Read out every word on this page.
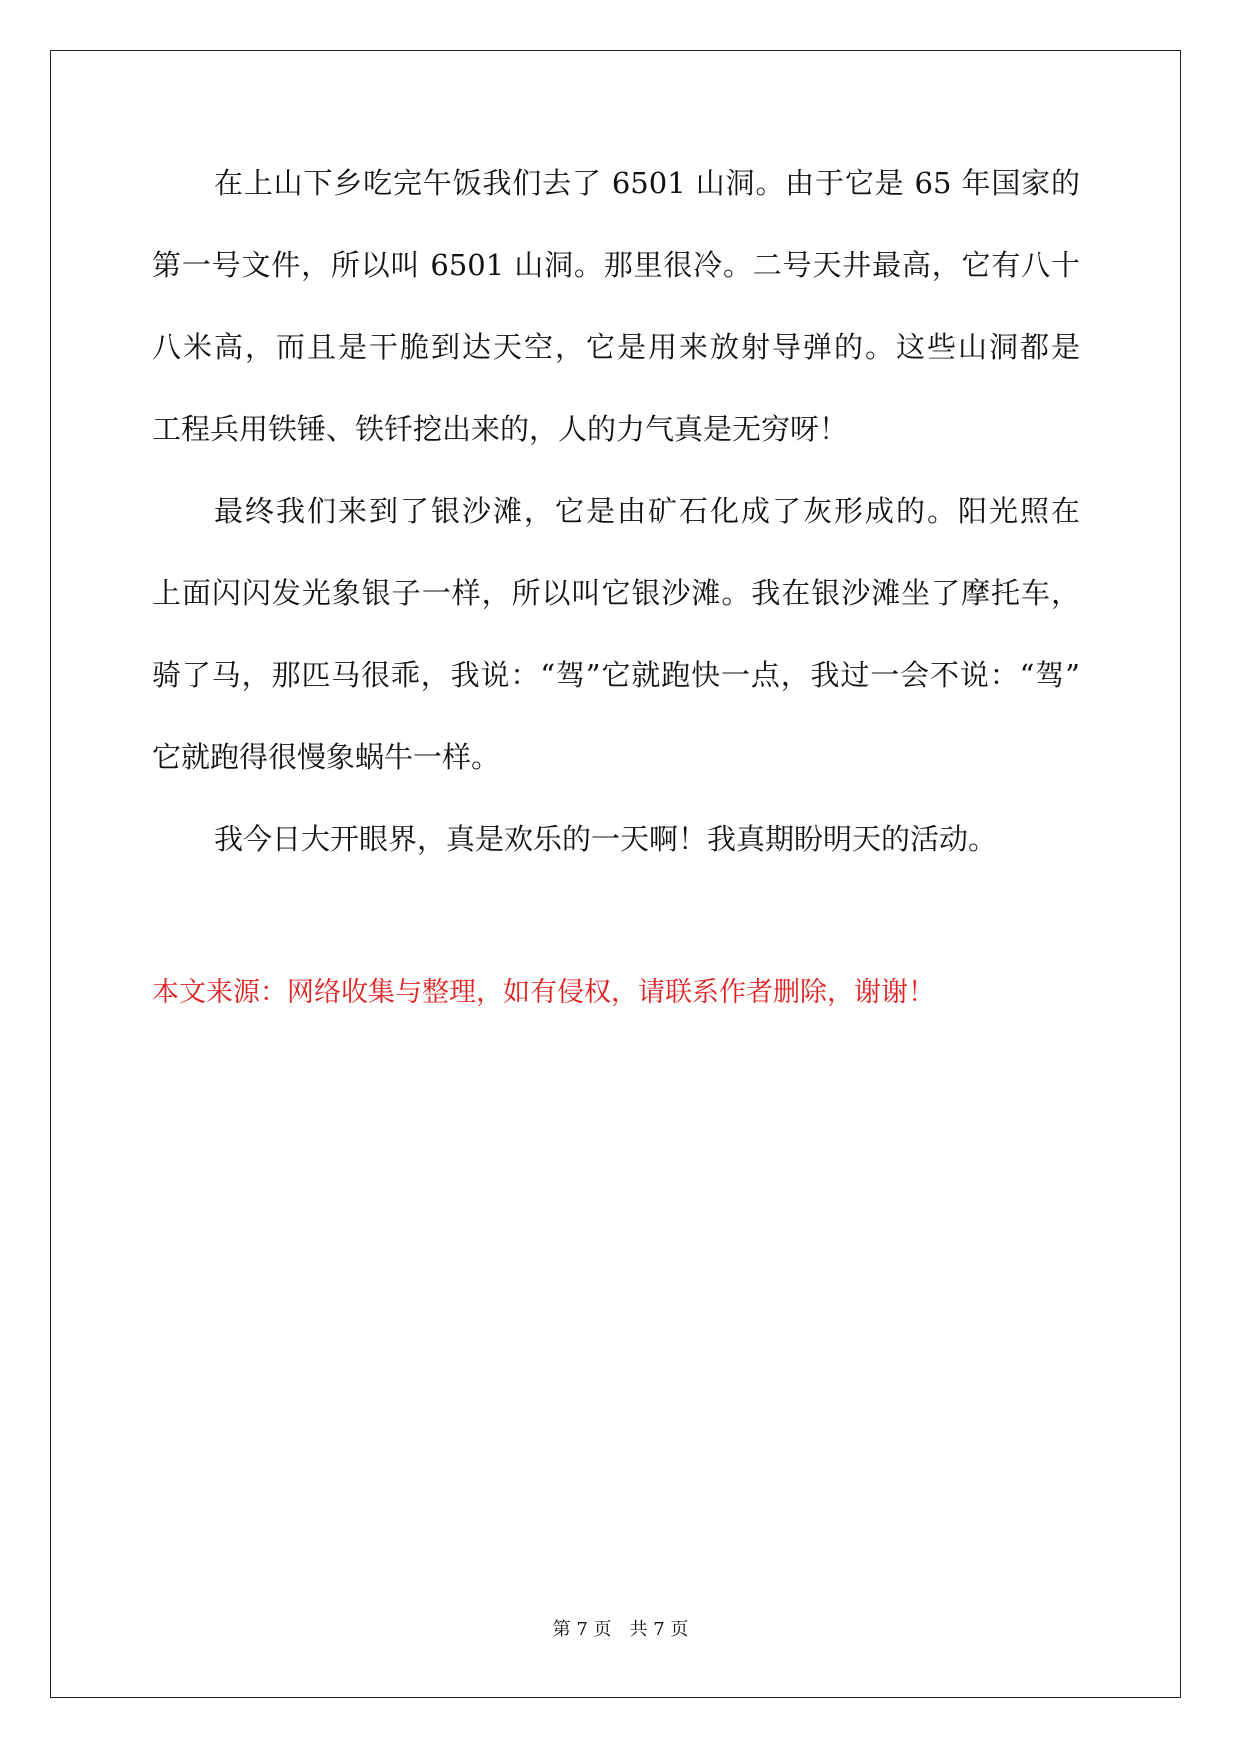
在上山下乡吃完午饭我们去了 6501 山洞。由于它是 65 年国家的
第一号文件，所以叫 6501 山洞。那里很冷。二号天井最高，它有八十
八米高，而且是干脆到达天空，它是用来放射导弹的。这些山洞都是
工程兵用铁锤、铁钎挖出来的，人的力气真是无穷呀！
最终我们来到了银沙滩，它是由矿石化成了灰形成的。阳光照在
上面闪闪发光象银子一样，所以叫它银沙滩。我在银沙滩坐了摩托车，
骑了马，那匹马很乖，我说：“驾”它就跑快一点，我过一会不说：“驾”
它就跑得很慢象蜗牛一样。
我今日大开眼界，真是欢乐的一天啊！我真期盼明天的活动。
本文来源：网络收集与整理，如有侵权，请联系作者删除，谢谢！
第 7 页　共 7 页
